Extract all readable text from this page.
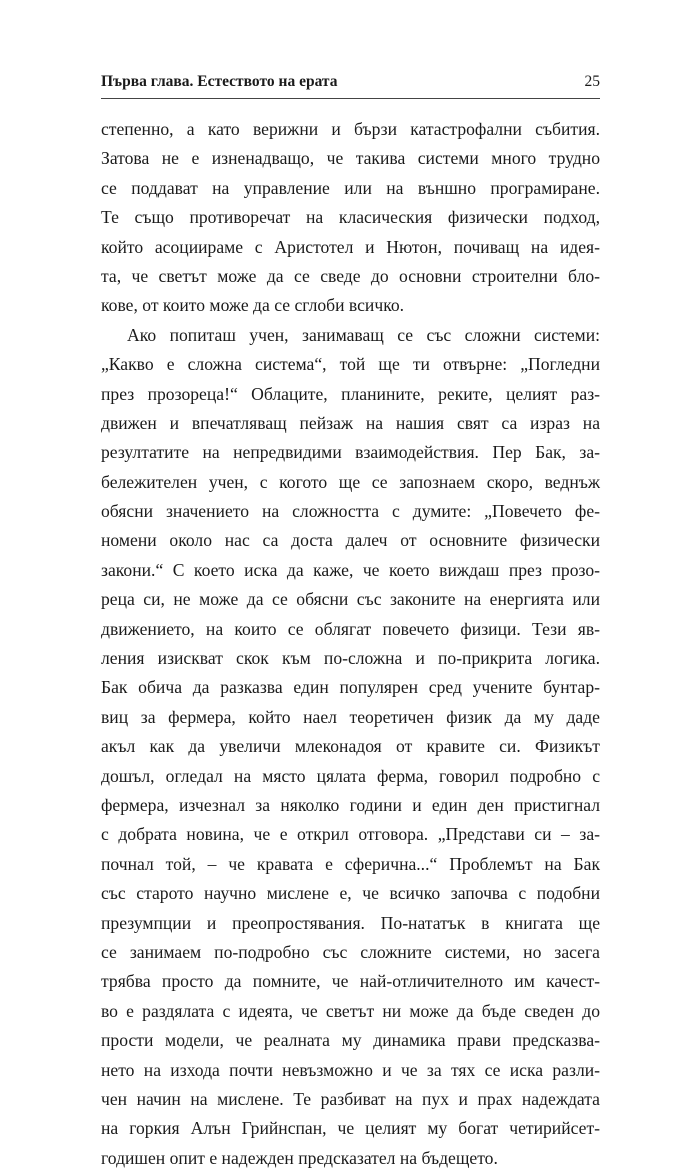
Първа глава. Естеството на ерата	25
степенно, а като верижни и бързи катастрофални събития.
Затова не е изненадващо, че такива системи много трудно
се поддават на управление или на външно програмиране.
Те също противоречат на класическия физически подход,
който асоциираме с Аристотел и Нютон, почиващ на идея-
та, че светът може да се сведе до основни строителни бло-
кове, от които може да се сглоби всичко.
Ако попиташ учен, занимаващ се със сложни системи:
„Какво е сложна система“, той ще ти отвърне: „Погледни
през прозореца!“ Облаците, планините, реките, целият раз-
движен и впечатляващ пейзаж на нашия свят са израз на
резултатите на непредвидими взаимодействия. Пер Бак, за-
бележителен учен, с когото ще се запознаем скоро, веднъж
обясни значението на сложността с думите: „Повечето фе-
номени около нас са доста далеч от основните физически
закони.“ С което иска да каже, че което виждаш през прозо-
реца си, не може да се обясни със законите на енергията или
движението, на които се облягат повечето физици. Тези яв-
ления изискват скок към по-сложна и по-прикрита логика.
Бак обича да разказва един популярен сред учените бунтар-
виц за фермера, който наел теоретичен физик да му даде
акъл как да увеличи млеконадоя от кравите си. Физикът
дошъл, огледал на място цялата ферма, говорил подробно с
фермера, изчезнал за няколко години и един ден пристигнал
с добрата новина, че е открил отговора. „Представи си – за-
почнал той, – че кравата е сферична...“ Проблемът на Бак
със старото научно мислене е, че всичко започва с подобни
презумпции и преопростявания. По-нататък в книгата ще
се занимаем по-подробно със сложните системи, но засега
трябва просто да помните, че най-отличителното им качест-
во е раздялата с идеята, че светът ни може да бъде сведен до
прости модели, че реалната му динамика прави предсказва-
нето на изхода почти невъзможно и че за тях се иска разли-
чен начин на мислене. Те разбиват на пух и прах надеждата
на горкия Алън Грийнспан, че целият му богат четирийсет-
годишен опит е надежден предсказател на бъдещето.
